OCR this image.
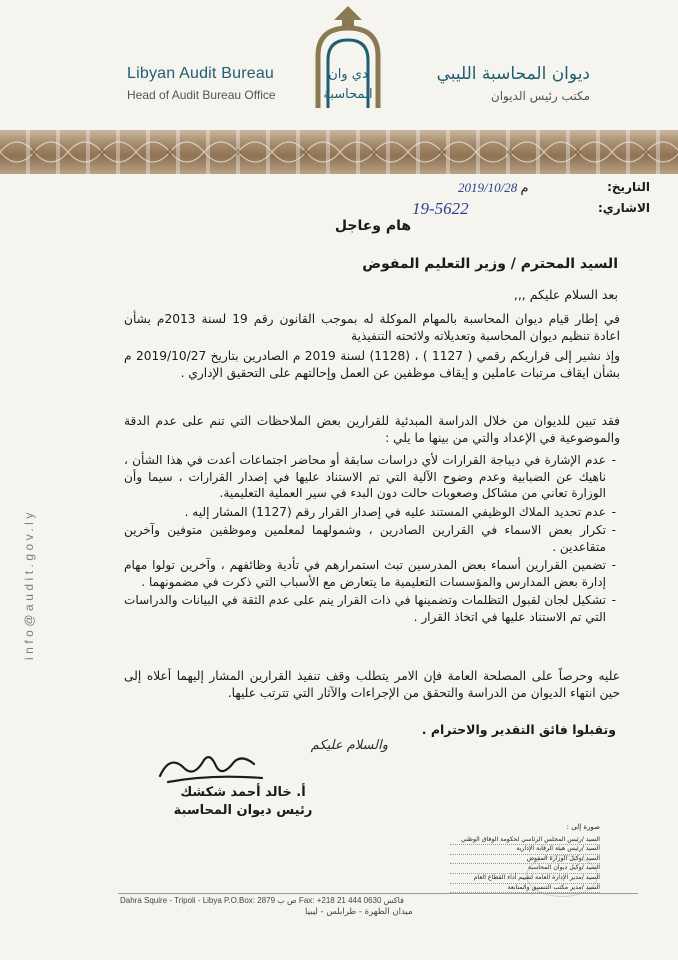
Libyan Audit Bureau
Head of Audit Bureau Office
دي وان
المحاسبة
ديوان المحاسبة الليبي
مكتب رئيس الديوان
التاريخ:
2019/10/28 م
الاشاري:
19-5622
هام وعاجل
السيد المحترم / وزير التعليم المفوض
بعد السلام عليكم ,,,

في إطار قيام ديوان المحاسبة بالمهام الموكلة له بموجب القانون رقم 19 لسنة 2013م بشأن اعادة تنظيم ديوان المحاسبة وتعديلاته ولائحته التنفيذية

وإذ نشير إلى قراريكم رقمي ( 1127 ) ، (1128) لسنة 2019 م الصادرين بتاريخ 2019/10/27 م بشأن ايقاف مرتبات عاملين و إيقاف موظفين عن العمل وإحالتهم على التحقيق الإداري .

فقد تبين للديوان من خلال الدراسة المبدئية للقرارين بعض الملاحظات التي تنم على عدم الدقة والموضوعية في الإعداد والتي من بينها ما يلي :

- عدم الإشارة في ديباجة القرارات لأي دراسات سابقة أو محاضر اجتماعات أعدت في هذا الشأن ، ناهيك عن الضبابية وعدم وضوح الآلية التي تم الاستناد عليها في إصدار القرارات ، سيما وأن الوزارة تعاني من مشاكل وصعوبات حالت دون البدء في سير العملية التعليمية.
- عدم تحديد الملاك الوظيفي المستند عليه في إصدار القرار رقم (1127) المشار إليه .
- تكرار بعض الاسماء في القرارين الصادرين ، وشمولهما لمعلمين وموظفين متوفين وآخرين متقاعدين .
- تضمين القرارين أسماء بعض المدرسين تبث استمرارهم في تأدية وظائفهم ، وآخرين تولوا مهام إدارة بعض المدارس والمؤسسات التعليمية ما يتعارض مع الأسباب التي ذكرت في مضمونهما .
- تشكيل لجان لقبول التظلمات وتضمينها في ذات القرار ينم على عدم الثقة في البيانات والدراسات التي تم الاستناد عليها في اتخاذ القرار .

عليه وحرصاً على المصلحة العامة فإن الامر يتطلب وقف تنفيذ القرارين المشار إليهما أعلاه إلى حين انتهاء الديوان من الدراسة والتحقق من الإجراءات والآثار التي تترتب عليها.

وتقبلوا فائق التقدير والاحترام .
والسلام عليكم
أ. خالد أحمد شكشك
رئيس ديوان المحاسبة
info@audit.gov.ly
صورة إلى :
السيد /رئيس المجلس الرئاسي لحكومة الوفاق الوطني
السيد /رئيس هيئة الرقابة الإدارية
السيد /وكيل الوزارة المفوض
السيد /وكيل ديوان المحاسبة
السيد /مدير الإدارة العامة لتقييم أداء القطاع العام
السيد /مدير مكتب التنسيق والمتابعة
Dahra Squire - Tripoli - Libya P.O.Box: 2879 ص ب Fax: +218 21 444 0630 فاكس
ميدان الظهرة - طرابلس - ليبيا
